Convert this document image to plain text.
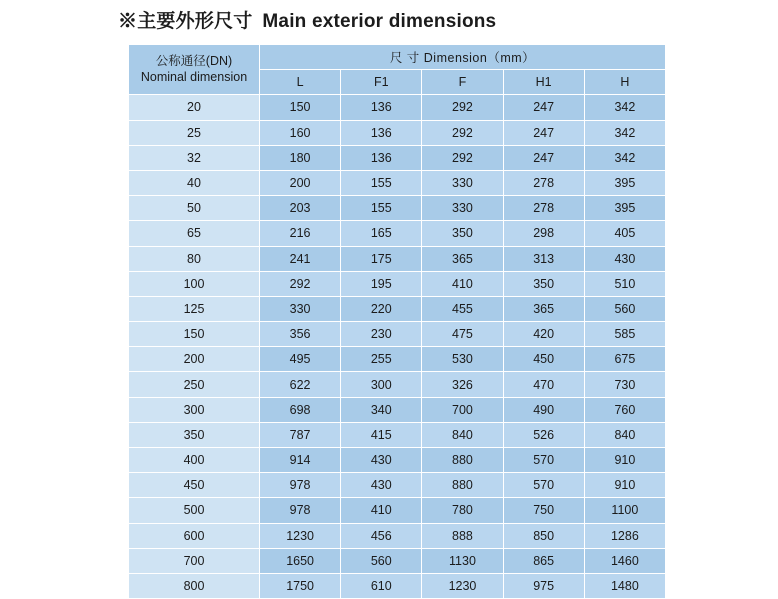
※主要外形尺寸 Main exterior dimensions
公称通径(DN)
Nominal dimension	尺 寸 Dimension（mm）				
	L	F1	F	H1	H
20	150	136	292	247	342
25	160	136	292	247	342
32	180	136	292	247	342
40	200	155	330	278	395
50	203	155	330	278	395
65	216	165	350	298	405
80	241	175	365	313	430
100	292	195	410	350	510
125	330	220	455	365	560
150	356	230	475	420	585
200	495	255	530	450	675
250	622	300	326	470	730
300	698	340	700	490	760
350	787	415	840	526	840
400	914	430	880	570	910
450	978	430	880	570	910
500	978	410	780	750	1100
600	1230	456	888	850	1286
700	1650	560	1130	865	1460
800	1750	610	1230	975	1480
